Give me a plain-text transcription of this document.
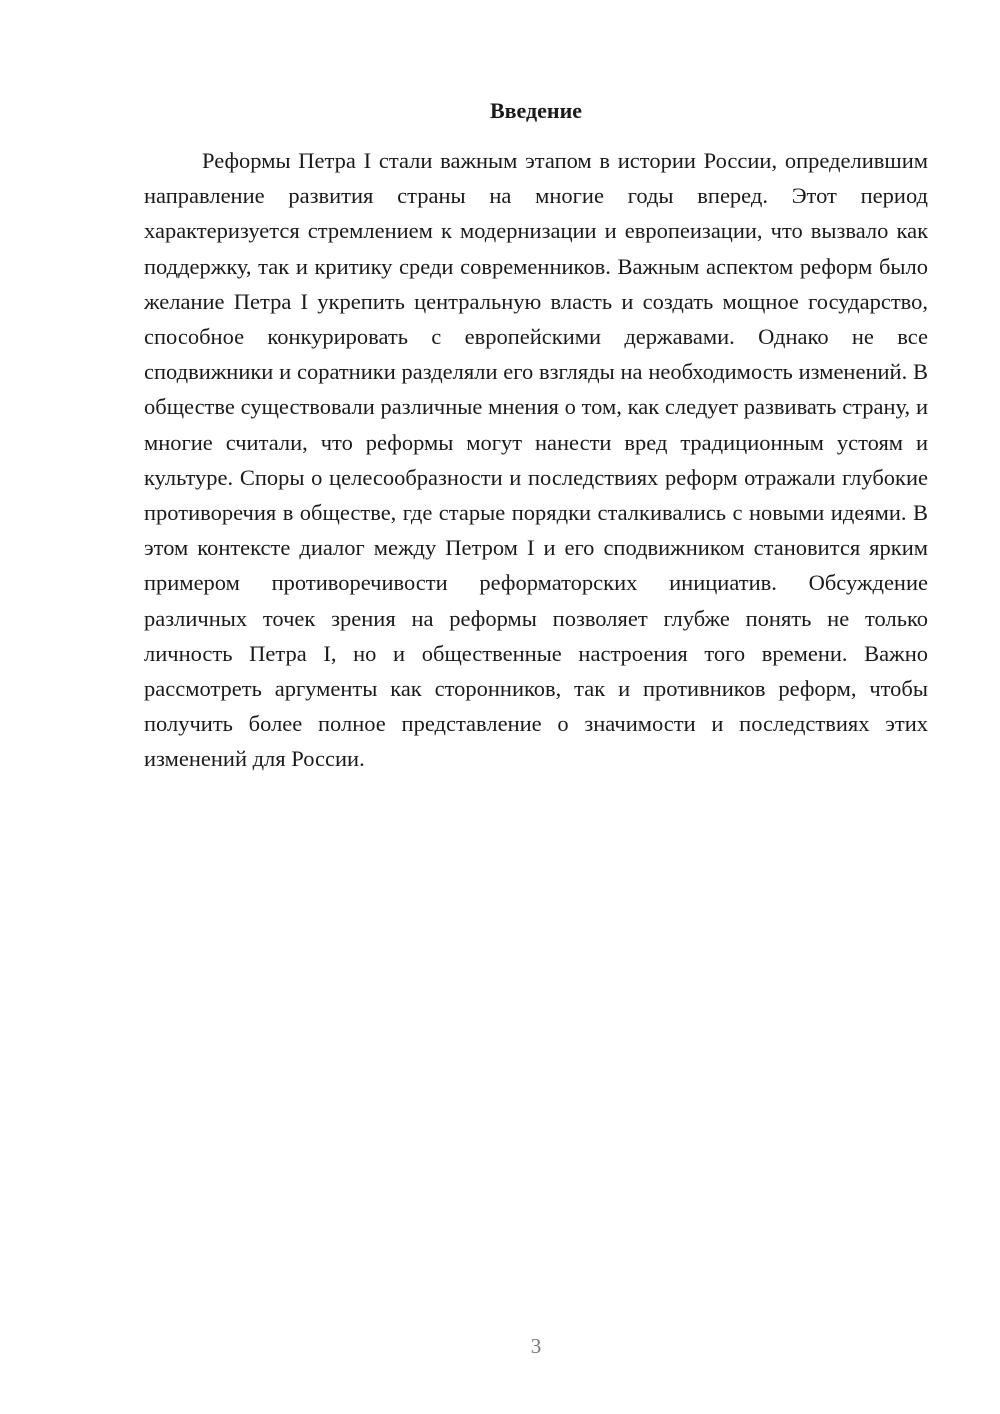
Введение

Реформы Петра I стали важным этапом в истории России, определившим направление развития страны на многие годы вперед. Этот период характеризуется стремлением к модернизации и европеизации, что вызвало как поддержку, так и критику среди современников. Важным аспектом реформ было желание Петра I укрепить центральную власть и создать мощное государство, способное конкурировать с европейскими державами. Однако не все сподвижники и соратники разделяли его взгляды на необходимость изменений. В обществе существовали различные мнения о том, как следует развивать страну, и многие считали, что реформы могут нанести вред традиционным устоям и культуре. Споры о целесообразности и последствиях реформ отражали глубокие противоречия в обществе, где старые порядки сталкивались с новыми идеями. В этом контексте диалог между Петром I и его сподвижником становится ярким примером противоречивости реформаторских инициатив. Обсуждение различных точек зрения на реформы позволяет глубже понять не только личность Петра I, но и общественные настроения того времени. Важно рассмотреть аргументы как сторонников, так и противников реформ, чтобы получить более полное представление о значимости и последствиях этих изменений для России.

3
